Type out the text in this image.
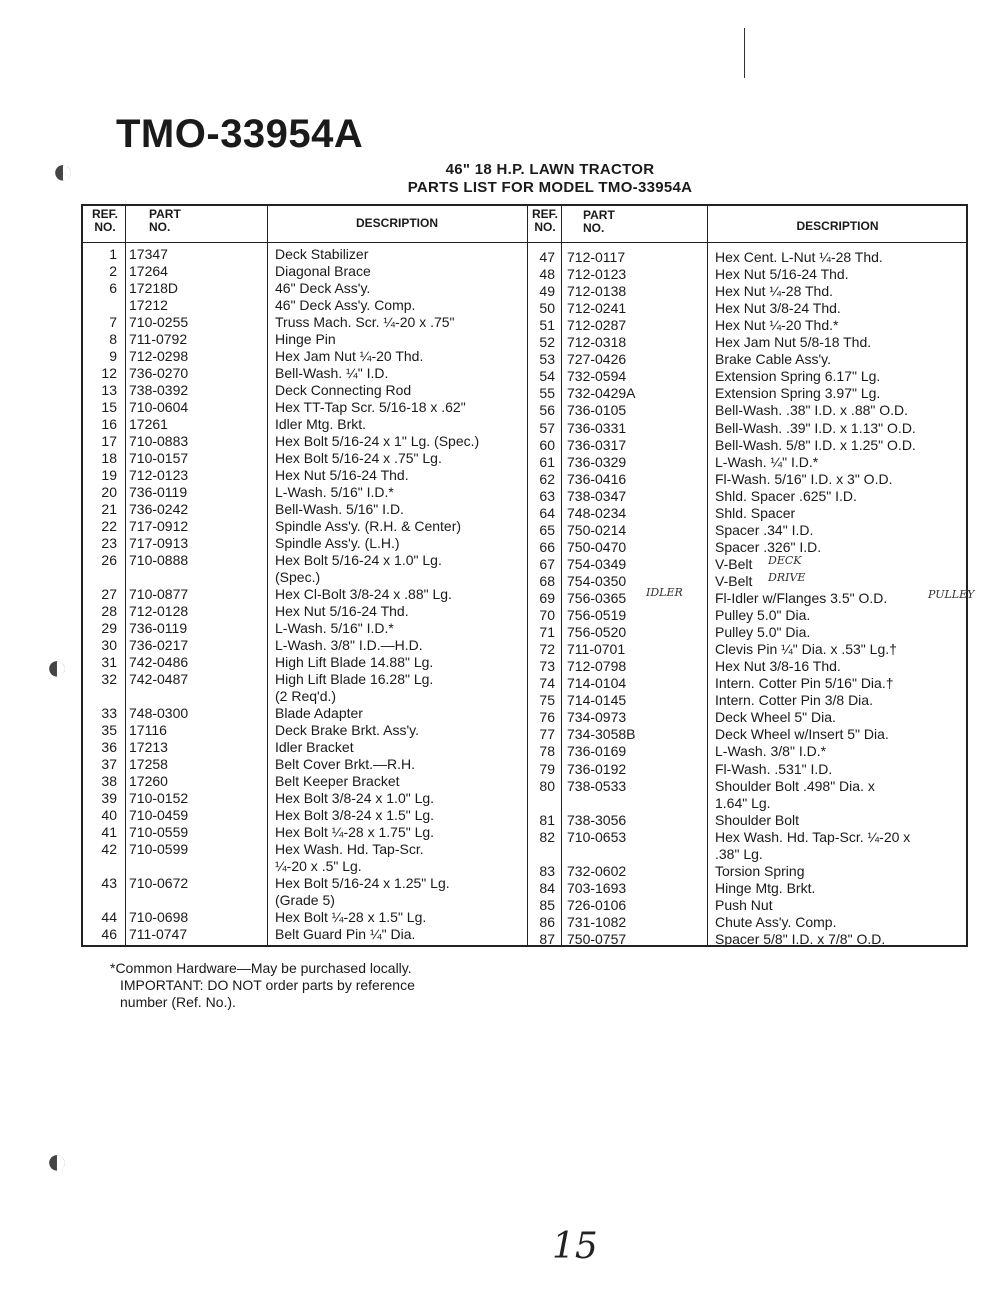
TMO-33954A
46" 18 H.P. LAWN TRACTOR
PARTS LIST FOR MODEL TMO-33954A
REF.
NO.
PART
NO.	DESCRIPTION
REF.
NO.
PART
NO.	DESCRIPTION
1 17347	Deck Stabilizer
2 17264	Diagonal Brace
6 17218D	46" Deck Ass'y.
17212	46" Deck Ass'y. Comp.
7 710-0255	Truss Mach. Scr. ¼-20 x .75"
8 711-0792	Hinge Pin
9 712-0298	Hex Jam Nut ¼-20 Thd.
12 736-0270	Bell-Wash. ¼" I.D.
13 738-0392	Deck Connecting Rod
15 710-0604	Hex TT-Tap Scr. 5/16-18 x .62"
16 17261	Idler Mtg. Brkt.
17 710-0883	Hex Bolt 5/16-24 x 1" Lg. (Spec.)
18 710-0157	Hex Bolt 5/16-24 x .75" Lg.
19 712-0123	Hex Nut 5/16-24 Thd.
20 736-0119	L-Wash. 5/16" I.D.*
21 736-0242	Bell-Wash. 5/16" I.D.
22 717-0912	Spindle Ass'y. (R.H. & Center)
23 717-0913	Spindle Ass'y. (L.H.)
26 710-0888	Hex Bolt 5/16-24 x 1.0" Lg.
(Spec.)
27 710-0877	Hex Cl-Bolt 3/8-24 x .88" Lg.
28 712-0128	Hex Nut 5/16-24 Thd.
29 736-0119	L-Wash. 5/16" I.D.*
30 736-0217	L-Wash. 3/8" I.D.—H.D.
31 742-0486	High Lift Blade 14.88" Lg.
32 742-0487	High Lift Blade 16.28" Lg.
(2 Req'd.)
33 748-0300	Blade Adapter
35 17116	Deck Brake Brkt. Ass'y.
36 17213	Idler Bracket
37 17258	Belt Cover Brkt.—R.H.
38 17260	Belt Keeper Bracket
39 710-0152	Hex Bolt 3/8-24 x 1.0" Lg.
40 710-0459	Hex Bolt 3/8-24 x 1.5" Lg.
41 710-0559	Hex Bolt ¼-28 x 1.75" Lg.
42 710-0599	Hex Wash. Hd. Tap-Scr.
¼-20 x .5" Lg.
43 710-0672	Hex Bolt 5/16-24 x 1.25" Lg.
(Grade 5)
44 710-0698	Hex Bolt ¼-28 x 1.5" Lg.
46 711-0747	Belt Guard Pin ¼" Dia.
47 712-0117	Hex Cent. L-Nut ¼-28 Thd.
48 712-0123	Hex Nut 5/16-24 Thd.
49 712-0138	Hex Nut ¼-28 Thd.
50 712-0241	Hex Nut 3/8-24 Thd.
51 712-0287	Hex Nut ¼-20 Thd.*
52 712-0318	Hex Jam Nut 5/8-18 Thd.
53 727-0426	Brake Cable Ass'y.
54 732-0594	Extension Spring 6.17" Lg.
55 732-0429A	Extension Spring 3.97" Lg.
56 736-0105	Bell-Wash. .38" I.D. x .88" O.D.
57 736-0331	Bell-Wash. .39" I.D. x 1.13" O.D.
60 736-0317	Bell-Wash. 5/8" I.D. x 1.25" O.D.
61 736-0329	L-Wash. ¼" I.D.*
62 736-0416	Fl-Wash. 5/16" I.D. x 3" O.D.
63 738-0347	Shld. Spacer .625" I.D.
64 748-0234	Shld. Spacer
65 750-0214	Spacer .34" I.D.
66 750-0470	Spacer .326" I.D.
67 754-0349	V-Belt
68 754-0350	V-Belt
69 756-0365	Fl-Idler w/Flanges 3.5" O.D.
70 756-0519	Pulley 5.0" Dia.
71 756-0520	Pulley 5.0" Dia.
72 711-0701	Clevis Pin ¼" Dia. x .53" Lg.†
73 712-0798	Hex Nut 3/8-16 Thd.
74 714-0104	Intern. Cotter Pin 5/16" Dia.†
75 714-0145	Intern. Cotter Pin 3/8 Dia.
76 734-0973	Deck Wheel 5" Dia.
77 734-3058B	Deck Wheel w/Insert 5" Dia.
78 736-0169	L-Wash. 3/8" I.D.*
79 736-0192	Fl-Wash. .531" I.D.
80 738-0533	Shoulder Bolt .498" Dia. x
1.64" Lg.
81 738-3056	Shoulder Bolt
82 710-0653	Hex Wash. Hd. Tap-Scr. ¼-20 x
.38" Lg.
83 732-0602	Torsion Spring
84 703-1693	Hinge Mtg. Brkt.
85 726-0106	Push Nut
86 731-1082	Chute Ass'y. Comp.
87 750-0757	Spacer 5/8" I.D. x 7/8" O.D.
IDLER	PULLEY
DECK
DRIVE
*Common Hardware—May be purchased locally.
IMPORTANT: DO NOT order parts by reference
number (Ref. No.).
15
◐
◐
◐
